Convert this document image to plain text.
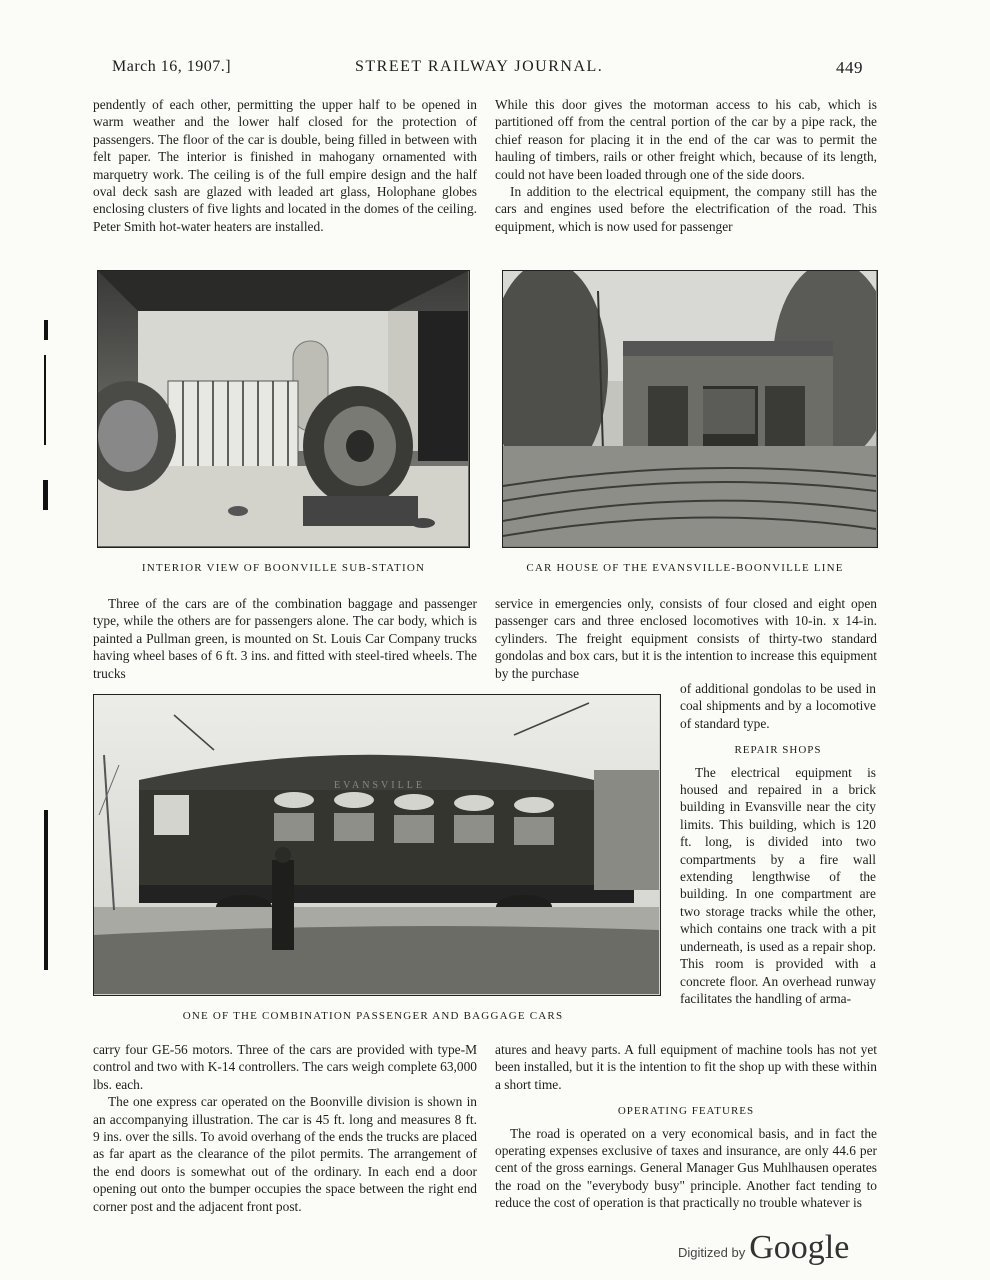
March 16, 1907.]	STREET RAILWAY JOURNAL.	449

pendently of each other, permitting the upper half to be opened in warm weather and the lower half closed for the protection of passengers. The floor of the car is double, being filled in between with felt paper. The interior is finished in mahogany ornamented with marquetry work. The ceiling is of the full empire design and the half oval deck sash are glazed with leaded art glass, Holophane globes enclosing clusters of five lights and located in the domes of the ceiling. Peter Smith hot-water heaters are installed.

While this door gives the motorman access to his cab, which is partitioned off from the central portion of the car by a pipe rack, the chief reason for placing it in the end of the car was to permit the hauling of timbers, rails or other freight which, because of its length, could not have been loaded through one of the side doors.

In addition to the electrical equipment, the company still has the cars and engines used before the electrification of the road. This equipment, which is now used for passenger

INTERIOR VIEW OF BOONVILLE SUB-STATION	CAR HOUSE OF THE EVANSVILLE-BOONVILLE LINE

Three of the cars are of the combination baggage and passenger type, while the others are for passengers alone. The car body, which is painted a Pullman green, is mounted on St. Louis Car Company trucks having wheel bases of 6 ft. 3 ins. and fitted with steel-tired wheels. The trucks

service in emergencies only, consists of four closed and eight open passenger cars and three enclosed locomotives with 10-in. x 14-in. cylinders. The freight equipment consists of thirty-two standard gondolas and box cars, but it is the intention to increase this equipment by the purchase

EVANSVILLE

of additional gondolas to be used in coal shipments and by a locomotive of standard type.

REPAIR SHOPS

The electrical equipment is housed and repaired in a brick building in Evansville near the city limits. This building, which is 120 ft. long, is divided into two compartments by a fire wall extending lengthwise of the building. In one compartment are two storage tracks while the other, which contains one track with a pit underneath, is used as a repair shop. This room is provided with a concrete floor. An overhead runway facilitates the handling of arma-

ONE OF THE COMBINATION PASSENGER AND BAGGAGE CARS

carry four GE-56 motors. Three of the cars are provided with type-M control and two with K-14 controllers. The cars weigh complete 63,000 lbs. each.

The one express car operated on the Boonville division is shown in an accompanying illustration. The car is 45 ft. long and measures 8 ft. 9 ins. over the sills. To avoid overhang of the ends the trucks are placed as far apart as the clearance of the pilot permits. The arrangement of the end doors is somewhat out of the ordinary. In each end a door opening out onto the bumper occupies the space between the right end corner post and the adjacent front post.

atures and heavy parts. A full equipment of machine tools has not yet been installed, but it is the intention to fit the shop up with these within a short time.

OPERATING FEATURES

The road is operated on a very economical basis, and in fact the operating expenses exclusive of taxes and insurance, are only 44.6 per cent of the gross earnings. General Manager Gus Muhlhausen operates the road on the "everybody busy" principle. Another fact tending to reduce the cost of operation is that practically no trouble whatever is

Digitized by Google
